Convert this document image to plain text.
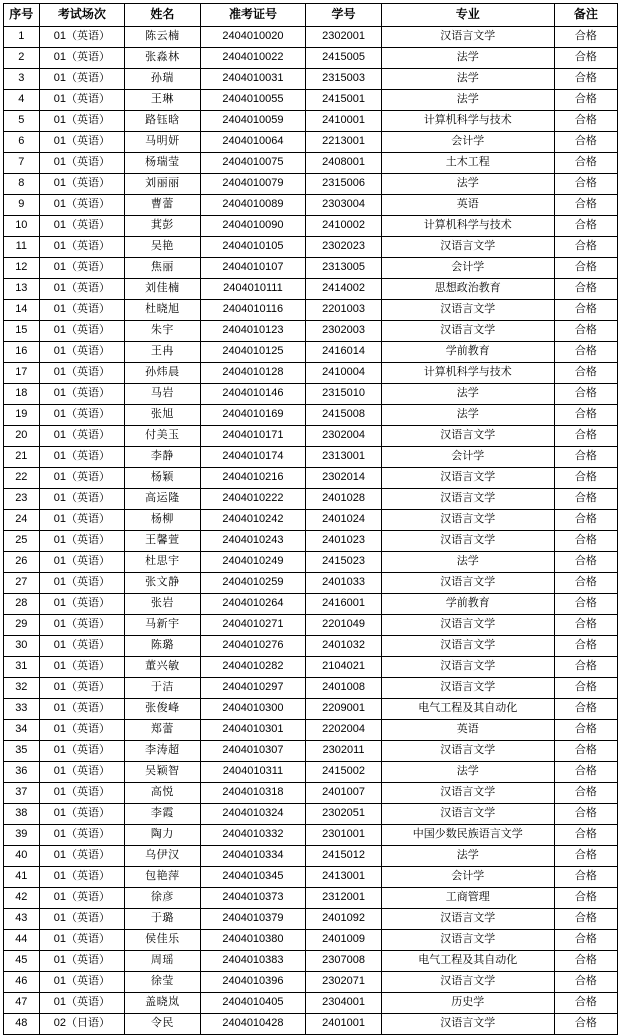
序号	考试场次	姓名	准考证号	学号	专业	备注
1	01（英语）	陈云楠	2404010020	2302001	汉语言文学	合格
2	01（英语）	张淼林	2404010022	2415005	法学	合格
3	01（英语）	孙瑞	2404010031	2315003	法学	合格
4	01（英语）	王琳	2404010055	2415001	法学	合格
5	01（英语）	路钰晗	2404010059	2410001	计算机科学与技术	合格
6	01（英语）	马明妍	2404010064	2213001	会计学	合格
7	01（英语）	杨瑞莹	2404010075	2408001	土木工程	合格
8	01（英语）	刘丽丽	2404010079	2315006	法学	合格
9	01（英语）	曹蕾	2404010089	2303004	英语	合格
10	01（英语）	萁彭	2404010090	2410002	计算机科学与技术	合格
11	01（英语）	吴艳	2404010105	2302023	汉语言文学	合格
12	01（英语）	焦丽	2404010107	2313005	会计学	合格
13	01（英语）	刘佳楠	2404010111	2414002	思想政治教育	合格
14	01（英语）	杜晓旭	2404010116	2201003	汉语言文学	合格
15	01（英语）	朱宇	2404010123	2302003	汉语言文学	合格
16	01（英语）	王冉	2404010125	2416014	学前教育	合格
17	01（英语）	孙炜晨	2404010128	2410004	计算机科学与技术	合格
18	01（英语）	马岩	2404010146	2315010	法学	合格
19	01（英语）	张旭	2404010169	2415008	法学	合格
20	01（英语）	付美玉	2404010171	2302004	汉语言文学	合格
21	01（英语）	李静	2404010174	2313001	会计学	合格
22	01（英语）	杨颖	2404010216	2302014	汉语言文学	合格
23	01（英语）	高运隆	2404010222	2401028	汉语言文学	合格
24	01（英语）	杨柳	2404010242	2401024	汉语言文学	合格
25	01（英语）	王馨萱	2404010243	2401023	汉语言文学	合格
26	01（英语）	杜思宇	2404010249	2415023	法学	合格
27	01（英语）	张文静	2404010259	2401033	汉语言文学	合格
28	01（英语）	张岩	2404010264	2416001	学前教育	合格
29	01（英语）	马新宇	2404010271	2201049	汉语言文学	合格
30	01（英语）	陈璐	2404010276	2401032	汉语言文学	合格
31	01（英语）	董兴敏	2404010282	2104021	汉语言文学	合格
32	01（英语）	于洁	2404010297	2401008	汉语言文学	合格
33	01（英语）	张俊峰	2404010300	2209001	电气工程及其自动化	合格
34	01（英语）	郑蕾	2404010301	2202004	英语	合格
35	01（英语）	李涛超	2404010307	2302011	汉语言文学	合格
36	01（英语）	吴颖智	2404010311	2415002	法学	合格
37	01（英语）	高悦	2404010318	2401007	汉语言文学	合格
38	01（英语）	李霞	2404010324	2302051	汉语言文学	合格
39	01（英语）	陶力	2404010332	2301001	中国少数民族语言文学	合格
40	01（英语）	乌伊汉	2404010334	2415012	法学	合格
41	01（英语）	包艳萍	2404010345	2413001	会计学	合格
42	01（英语）	徐彦	2404010373	2312001	工商管理	合格
43	01（英语）	于璐	2404010379	2401092	汉语言文学	合格
44	01（英语）	侯佳乐	2404010380	2401009	汉语言文学	合格
45	01（英语）	周瑶	2404010383	2307008	电气工程及其自动化	合格
46	01（英语）	徐莹	2404010396	2302071	汉语言文学	合格
47	01（英语）	盖晓岚	2404010405	2304001	历史学	合格
48	02（日语）	令民	2404010428	2401001	汉语言文学	合格
